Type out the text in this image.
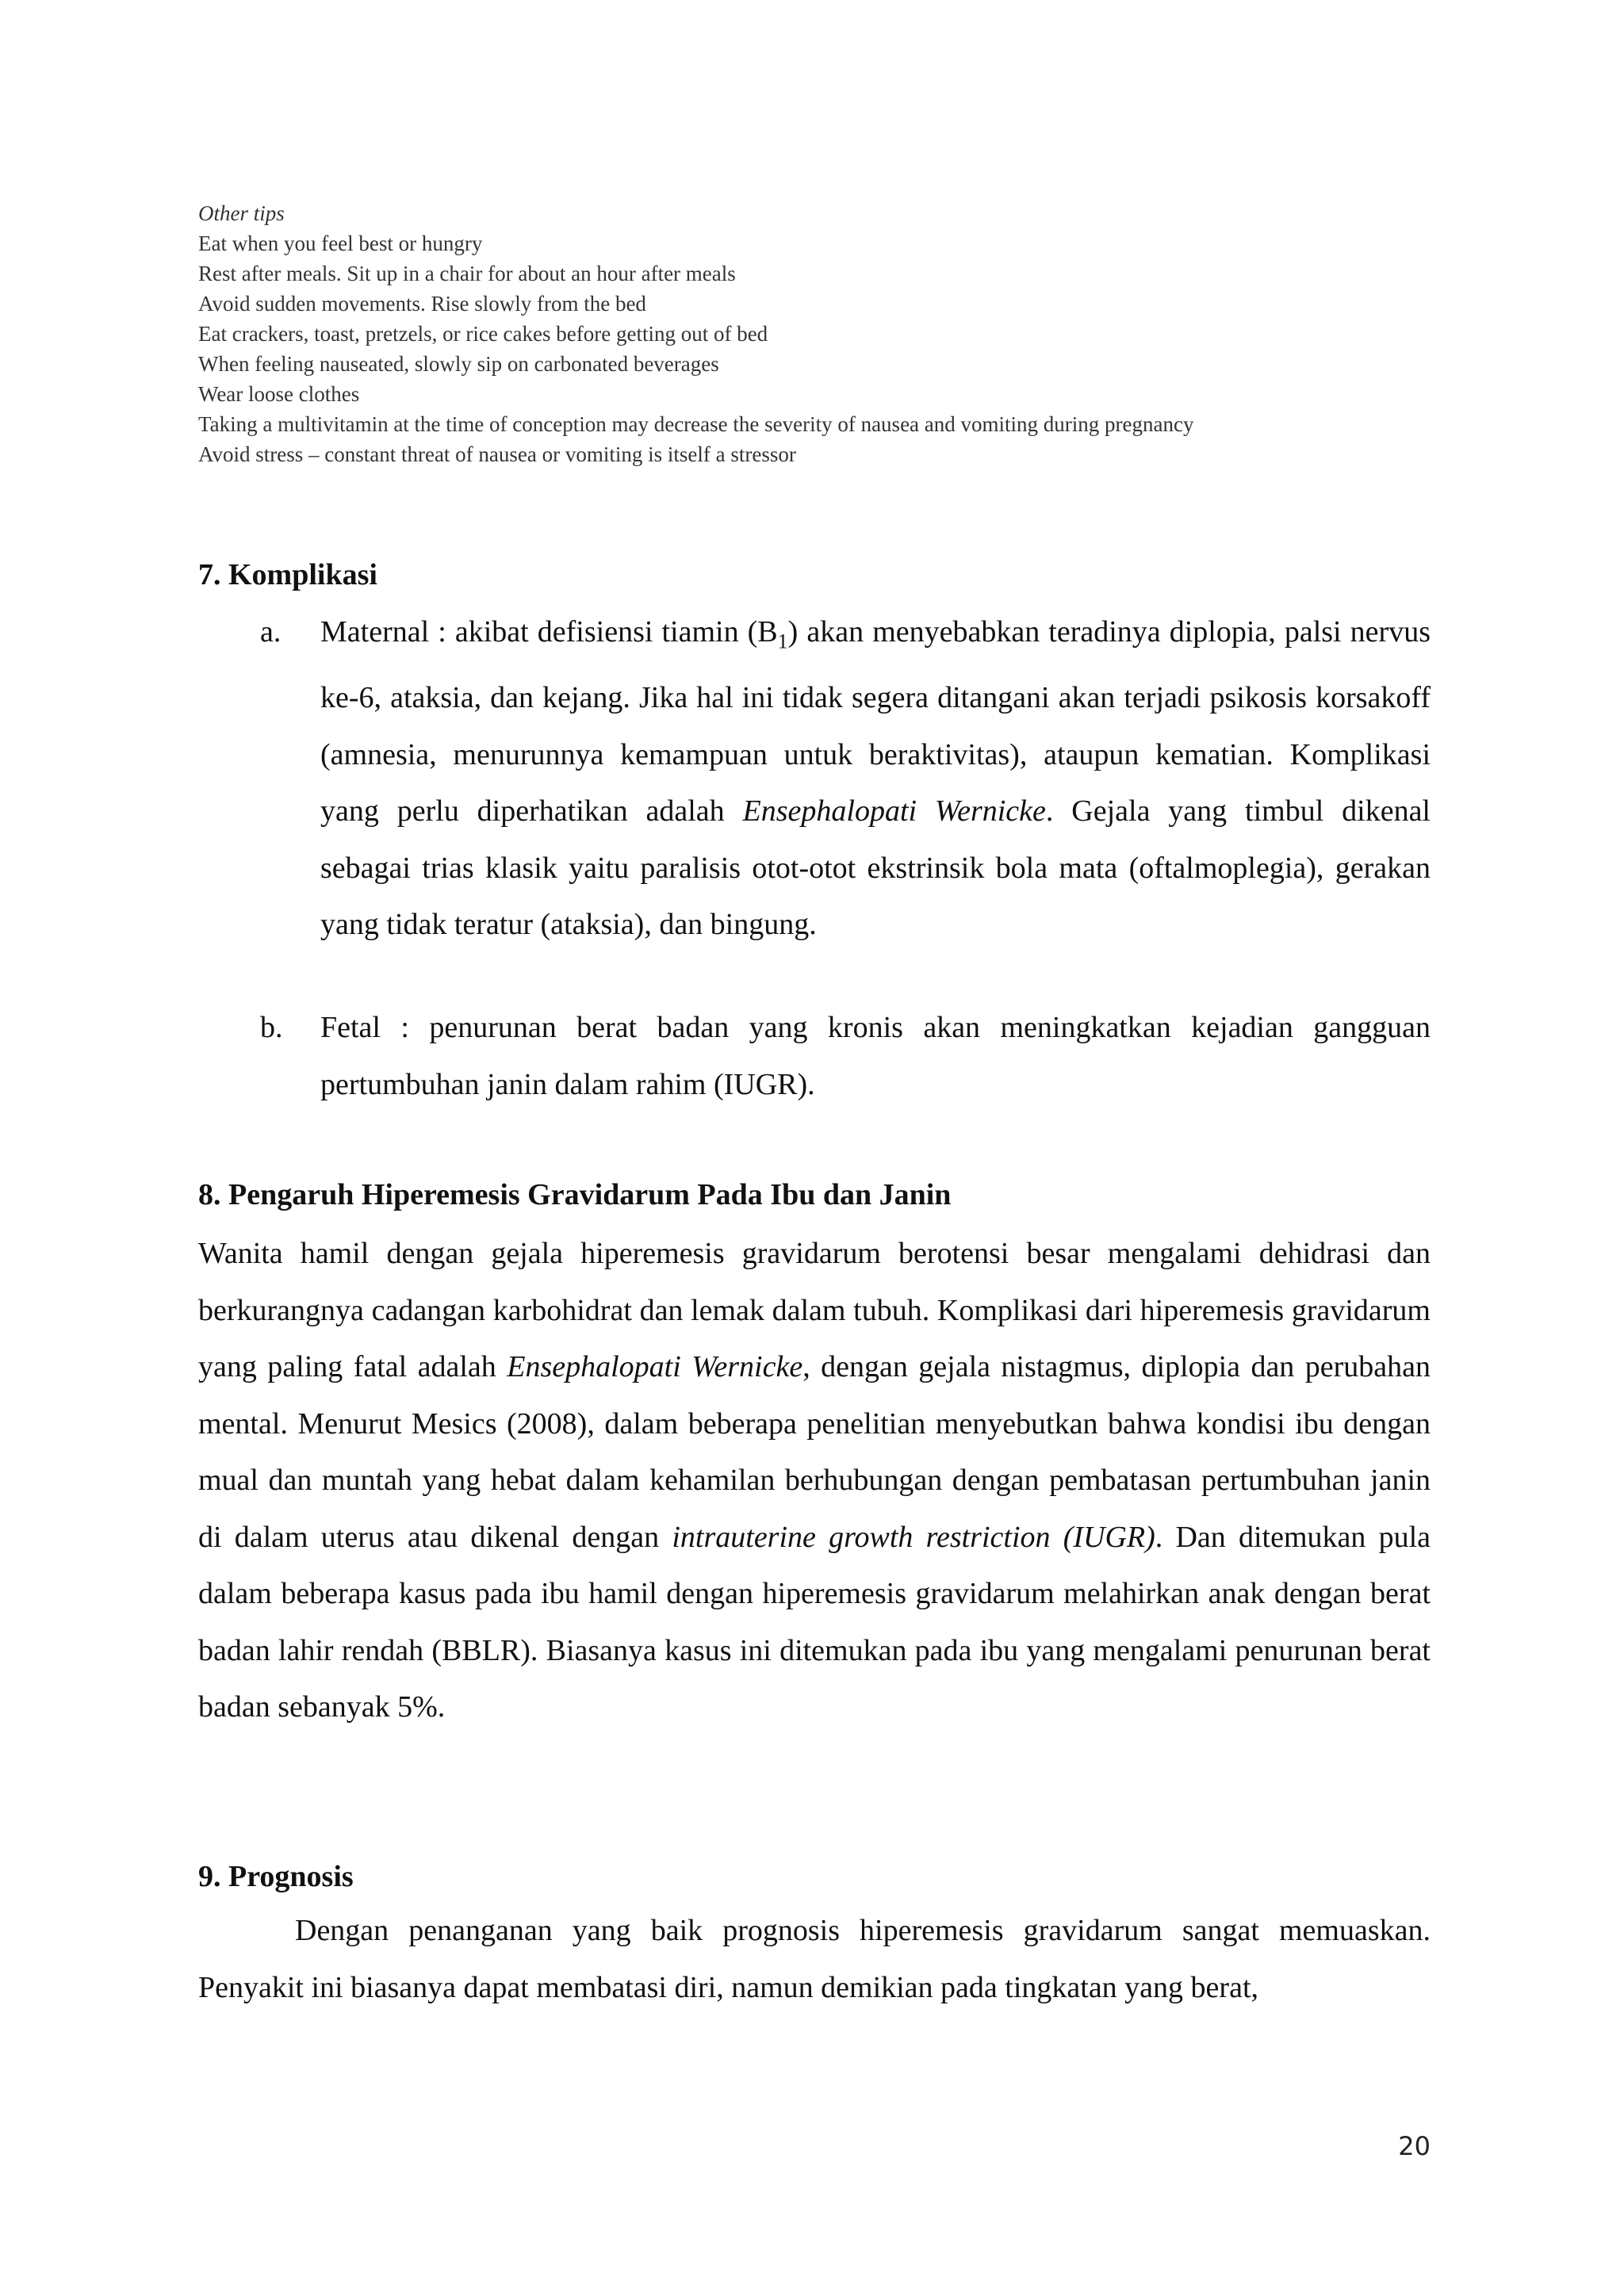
Other tips
Eat when you feel best or hungry
Rest after meals. Sit up in a chair for about an hour after meals
Avoid sudden movements. Rise slowly from the bed
Eat crackers, toast, pretzels, or rice cakes before getting out of bed
When feeling nauseated, slowly sip on carbonated beverages
Wear loose clothes
Taking a multivitamin at the time of conception may decrease the severity of nausea and vomiting during pregnancy
Avoid stress – constant threat of nausea or vomiting is itself a stressor
7. Komplikasi
a. Maternal : akibat defisiensi tiamin $(B_1)$ akan menyebabkan teradinya diplopia, palsi nervus ke-6, ataksia, dan kejang. Jika hal ini tidak segera ditangani akan terjadi psikosis korsakoff (amnesia, menurunnya kemampuan untuk beraktivitas), ataupun kematian. Komplikasi yang perlu diperhatikan adalah Ensephalopati Wernicke. Gejala yang timbul dikenal sebagai trias klasik yaitu paralisis otot-otot ekstrinsik bola mata (oftalmoplegia), gerakan yang tidak teratur (ataksia), dan bingung.
b. Fetal : penurunan berat badan yang kronis akan meningkatkan kejadian gangguan pertumbuhan janin dalam rahim (IUGR).
8. Pengaruh Hiperemesis Gravidarum Pada Ibu dan Janin
Wanita hamil dengan gejala hiperemesis gravidarum berotensi besar mengalami dehidrasi dan berkurangnya cadangan karbohidrat dan lemak dalam tubuh. Komplikasi dari hiperemesis gravidarum yang paling fatal adalah Ensephalopati Wernicke, dengan gejala nistagmus, diplopia dan perubahan mental. Menurut Mesics (2008), dalam beberapa penelitian menyebutkan bahwa kondisi ibu dengan mual dan muntah yang hebat dalam kehamilan berhubungan dengan pembatasan pertumbuhan janin di dalam uterus atau dikenal dengan intrauterine growth restriction (IUGR). Dan ditemukan pula dalam beberapa kasus pada ibu hamil dengan hiperemesis gravidarum melahirkan anak dengan berat badan lahir rendah (BBLR). Biasanya kasus ini ditemukan pada ibu yang mengalami penurunan berat badan sebanyak 5%.
9. Prognosis
Dengan penanganan yang baik prognosis hiperemesis gravidarum sangat memuaskan. Penyakit ini biasanya dapat membatasi diri, namun demikian pada tingkatan yang berat,
20
